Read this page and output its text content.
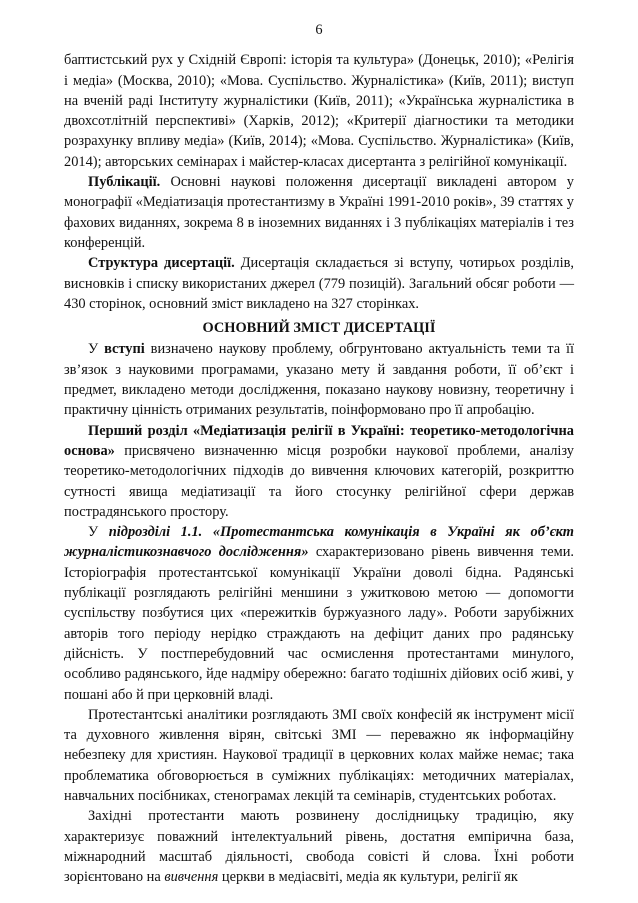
6

баптистський рух у Східній Європі: історія та культура» (Донецьк, 2010); «Релігія і медіа» (Москва, 2010); «Мова. Суспільство. Журналістика» (Київ, 2011); виступ на вченій раді Інституту журналістики (Київ, 2011); «Українська журналістика в двохсотлітній перспективі» (Харків, 2012); «Критерії діагностики та методики розрахунку впливу медіа» (Київ, 2014); «Мова. Суспільство. Журналістика» (Київ, 2014); авторських семінарах і майстер-класах дисертанта з релігійної комунікації.

Публікації. Основні наукові положення дисертації викладені автором у монографії «Медіатизація протестантизму в Україні 1991-2010 років», 39 статтях у фахових виданнях, зокрема 8 в іноземних виданнях і 3 публікаціях матеріалів і тез конференцій.

Структура дисертації. Дисертація складається зі вступу, чотирьох розділів, висновків і списку використаних джерел (779 позицій). Загальний обсяг роботи — 430 сторінок, основний зміст викладено на 327 сторінках.

ОСНОВНИЙ ЗМІСТ ДИСЕРТАЦІЇ

У вступі визначено наукову проблему, обгрунтовано актуальність теми та її зв’язок з науковими програмами, указано мету й завдання роботи, її об’єкт і предмет, викладено методи дослідження, показано наукову новизну, теоретичну і практичну цінність отриманих результатів, поінформовано про її апробацію.

Перший розділ «Медіатизація релігії в Україні: теоретико-методологічна основа» присвячено визначенню місця розробки наукової проблеми, аналізу теоретико-методологічних підходів до вивчення ключових категорій, розкриттю сутності явища медіатизації та його стосунку релігійної сфери держав пострадянського простору.

У підрозділі 1.1. «Протестантська комунікація в Україні як об’єкт журналістикознавчого дослідження» схарактеризовано рівень вивчення теми. Історіографія протестантської комунікації України доволі бідна. Радянські публікації розглядають релігійні меншини з ужитковою метою — допомогти суспільству позбутися цих «пережитків буржуазного ладу». Роботи зарубіжних авторів того періоду нерідко страждають на дефіцит даних про радянську дійсність. У постперебудовний час осмислення протестантами минулого, особливо радянського, йде надміру обережно: багато тодішніх дійових осіб живі, у пошані або й при церковній владі.

Протестантські аналітики розглядають ЗМІ своїх конфесій як інструмент місії та духовного живлення вірян, світські ЗМІ — переважно як інформаційну небезпеку для християн. Наукової традиції в церковних колах майже немає; така проблематика обговорюється в суміжних публікаціях: методичних матеріалах, навчальних посібниках, стенограмах лекцій та семінарів, студентських роботах.

Західні протестанти мають розвинену дослідницьку традицію, яку характеризує поважний інтелектуальний рівень, достатня емпірична база, міжнародний масштаб діяльності, свобода совісті й слова. Їхні роботи зорієнтовано на вивчення церкви в медіасвіті, медіа як культури, релігії як
